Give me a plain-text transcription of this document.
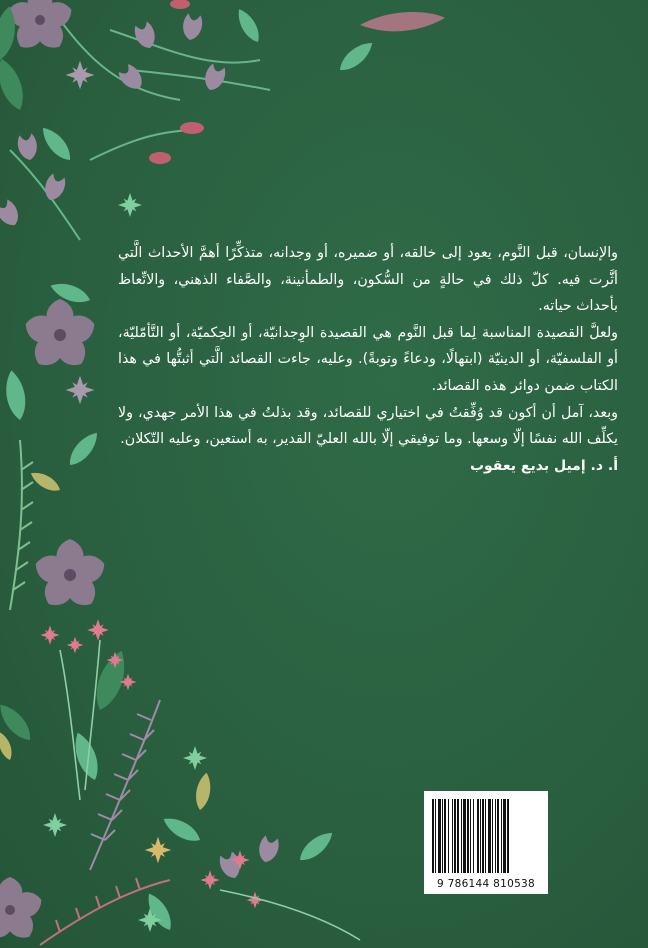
والإنسان، قبل النَّوم، يعود إلى خالقه، أو ضميره، أو وجدانه، متذكِّرًا أهمَّ الأحداث الَّتي أثَّرت فيه. كلّ ذلك في حالةٍ من السُّكون، والطمأنينة، والصَّفاء الذهني، والاتِّعاظ بأحداث حياته.

ولعلَّ القصيدة المناسبة لِما قبل النَّوم هي القصيدة الوِجدانيّة، أو الحِكميّة، أو التَّأمّليّة، أو الفلسفيّة، أو الدينيّة (ابتهالًا، ودعاءً وتوبةً). وعليه، جاءت القصائد الَّتي أثبتُّها في هذا الكتاب ضمن دوائر هذه القصائد.

وبعد، آمل أن أكون قد وُفِّقتُ في اختياري للقصائد، وقد بذلتُ في هذا الأمر جهدي، ولا يكلِّف الله نفسًا إلّا وسعها. وما توفيقي إلّا بالله العليّ القدير، به أستعين، وعليه التّكلان.

أ. د. إميل بديع يعقوب

9 786144 810538
